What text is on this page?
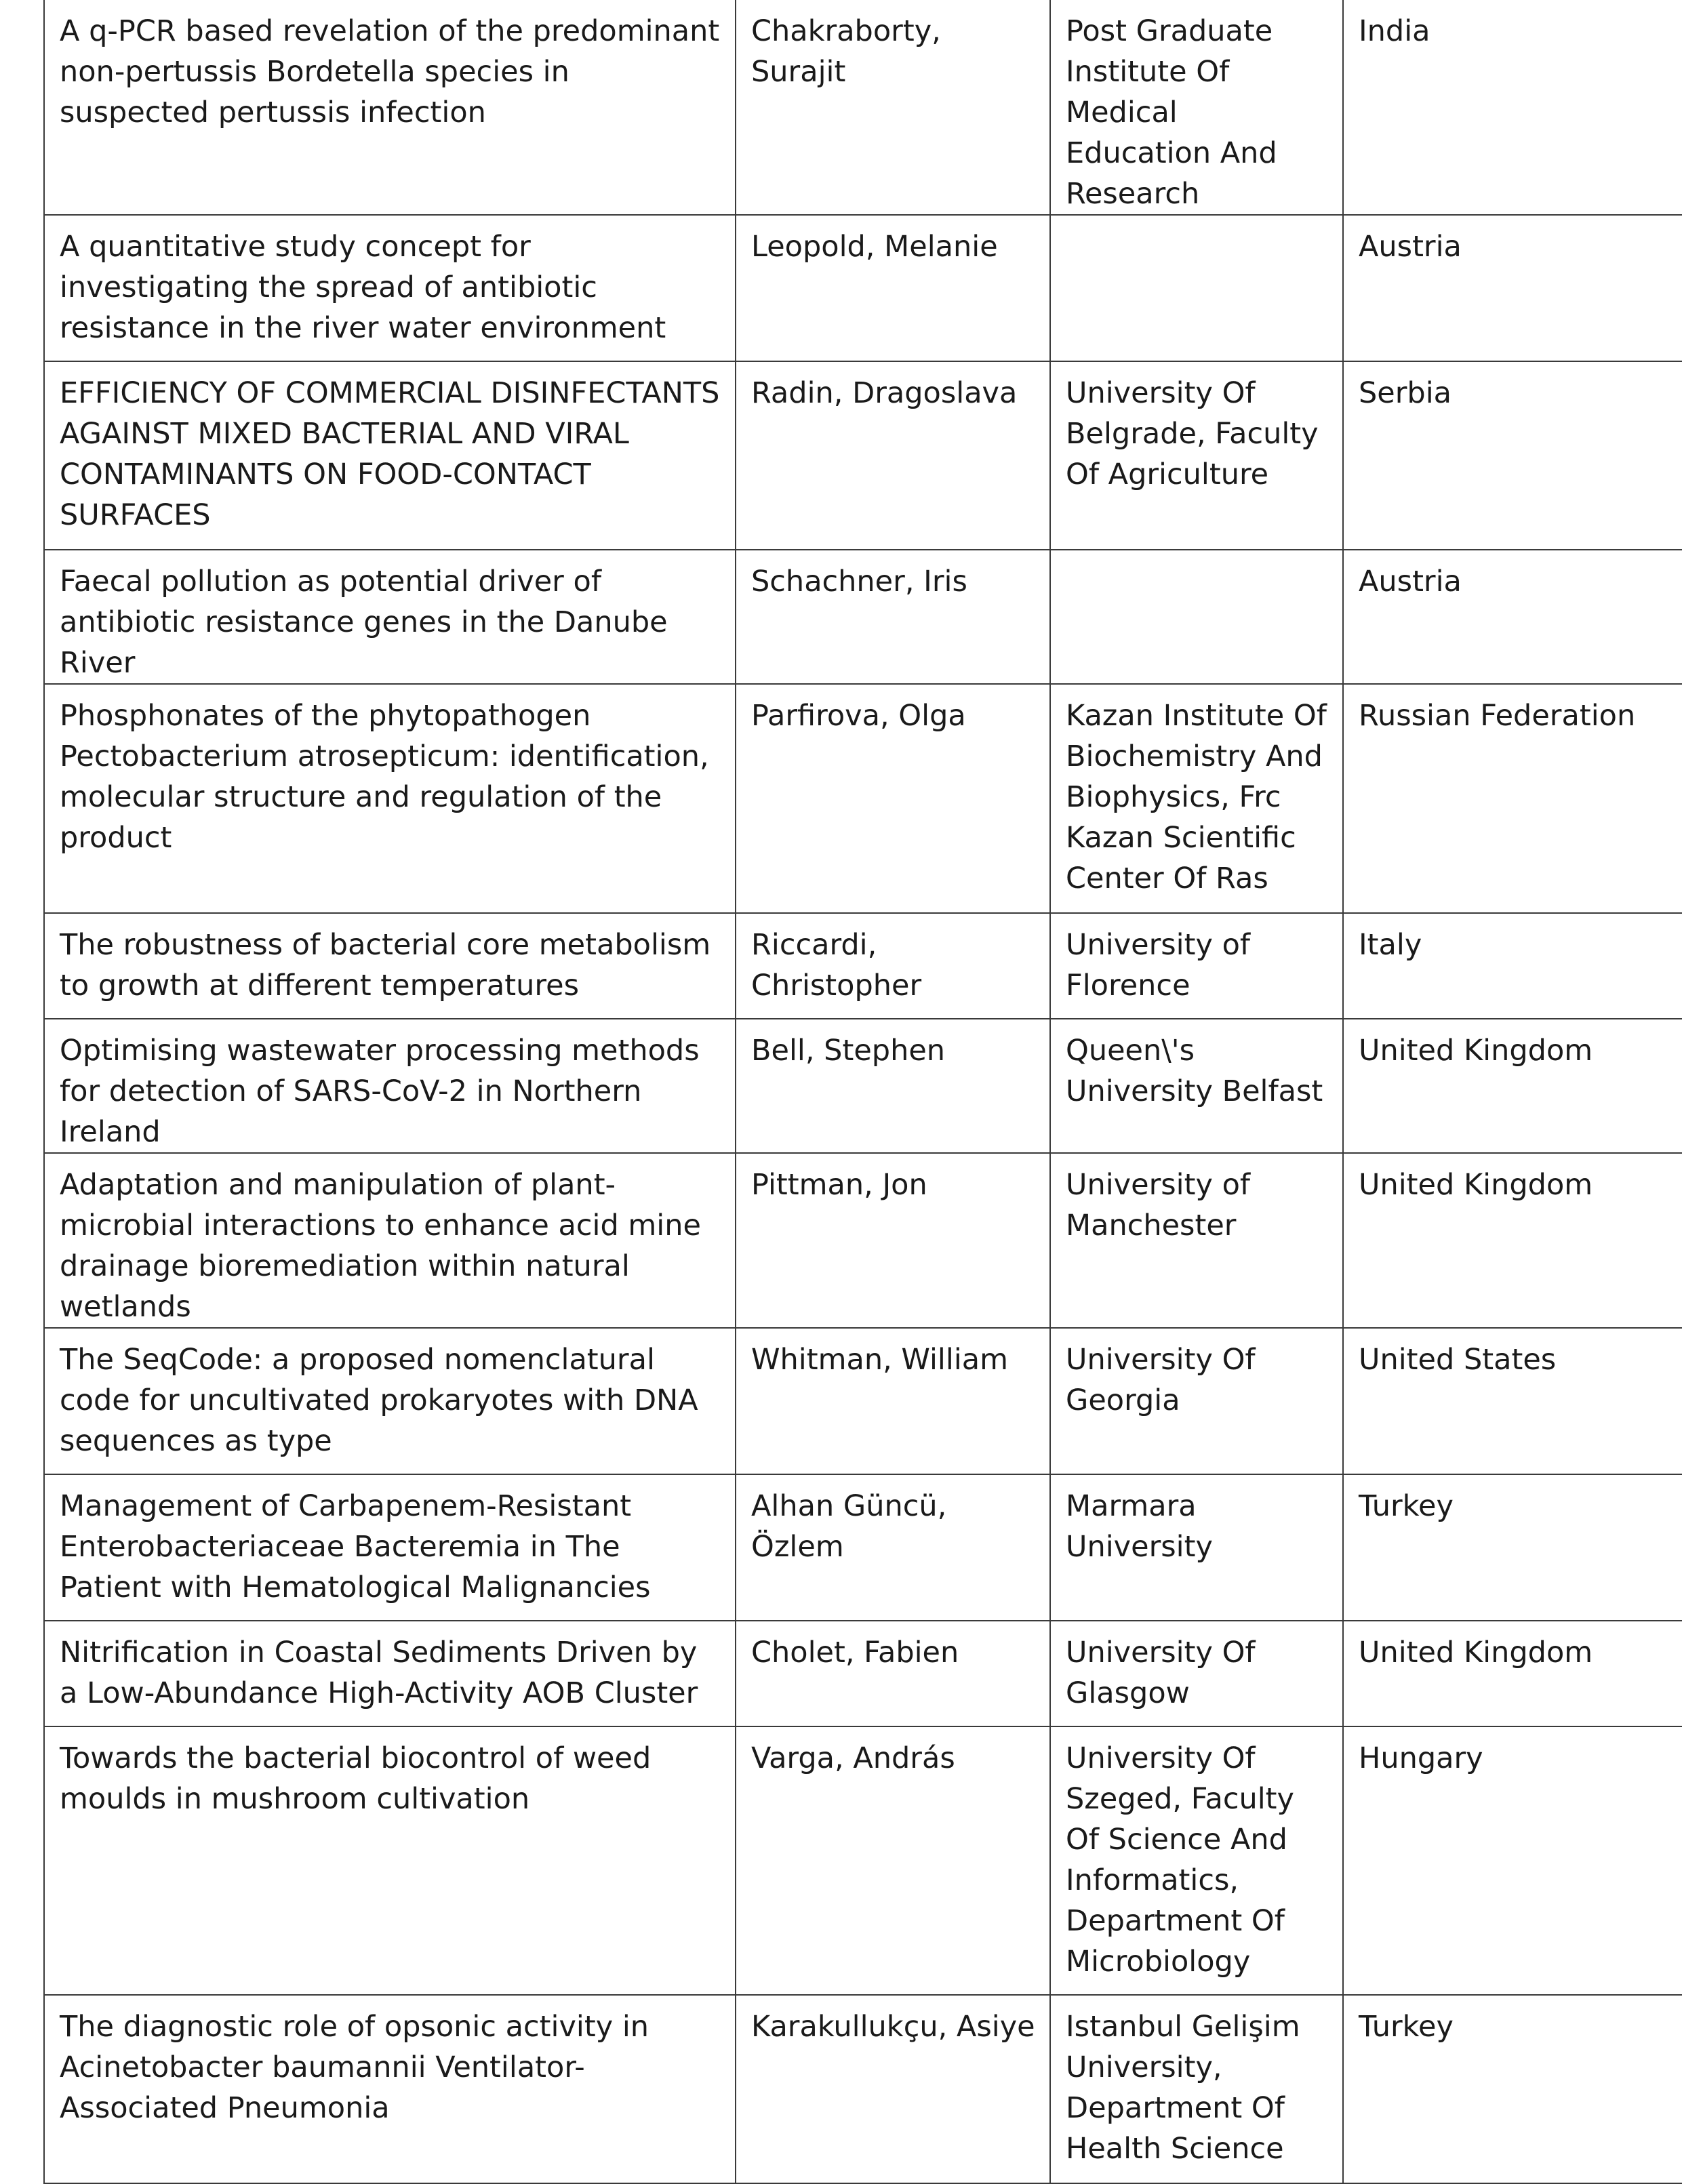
A q-PCR based revelation of the predominant non-pertussis Bordetella species in suspected pertussis infection	Chakraborty, Surajit	Post Graduate Institute Of Medical Education And Research	India
A quantitative study concept for investigating the spread of antibiotic resistance in the river water environment	Leopold, Melanie		Austria
EFFICIENCY OF COMMERCIAL DISINFECTANTS AGAINST MIXED BACTERIAL AND VIRAL CONTAMINANTS ON FOOD-CONTACT SURFACES	Radin, Dragoslava	University Of Belgrade, Faculty Of Agriculture	Serbia
Faecal pollution as potential driver of antibiotic resistance genes in the Danube River	Schachner, Iris		Austria
Phosphonates of the phytopathogen Pectobacterium atrosepticum: identification, molecular structure and regulation of the product	Parfirova, Olga	Kazan Institute Of Biochemistry And Biophysics, Frc Kazan Scientific Center Of Ras	Russian Federation
The robustness of bacterial core metabolism to growth at different temperatures	Riccardi, Christopher	University of Florence	Italy
Optimising wastewater processing methods for detection of SARS-CoV-2 in Northern Ireland	Bell, Stephen	Queen\'s University Belfast	United Kingdom
Adaptation and manipulation of plant-microbial interactions to enhance acid mine drainage bioremediation within natural wetlands	Pittman, Jon	University of Manchester	United Kingdom
The SeqCode: a proposed nomenclatural code for uncultivated prokaryotes with DNA sequences as type	Whitman, William	University Of Georgia	United States
Management of Carbapenem-Resistant Enterobacteriaceae Bacteremia in The Patient with Hematological Malignancies	Alhan Güncü, Özlem	Marmara University	Turkey
Nitrification in Coastal Sediments Driven by a Low-Abundance High-Activity AOB Cluster	Cholet, Fabien	University Of Glasgow	United Kingdom
Towards the bacterial biocontrol of weed moulds in mushroom cultivation	Varga, András	University Of Szeged, Faculty Of Science And Informatics, Department Of Microbiology	Hungary
The diagnostic role of opsonic activity in Acinetobacter baumannii Ventilator-Associated Pneumonia	Karakullukçu, Asiye	Istanbul Gelişim University, Department Of Health Science	Turkey
